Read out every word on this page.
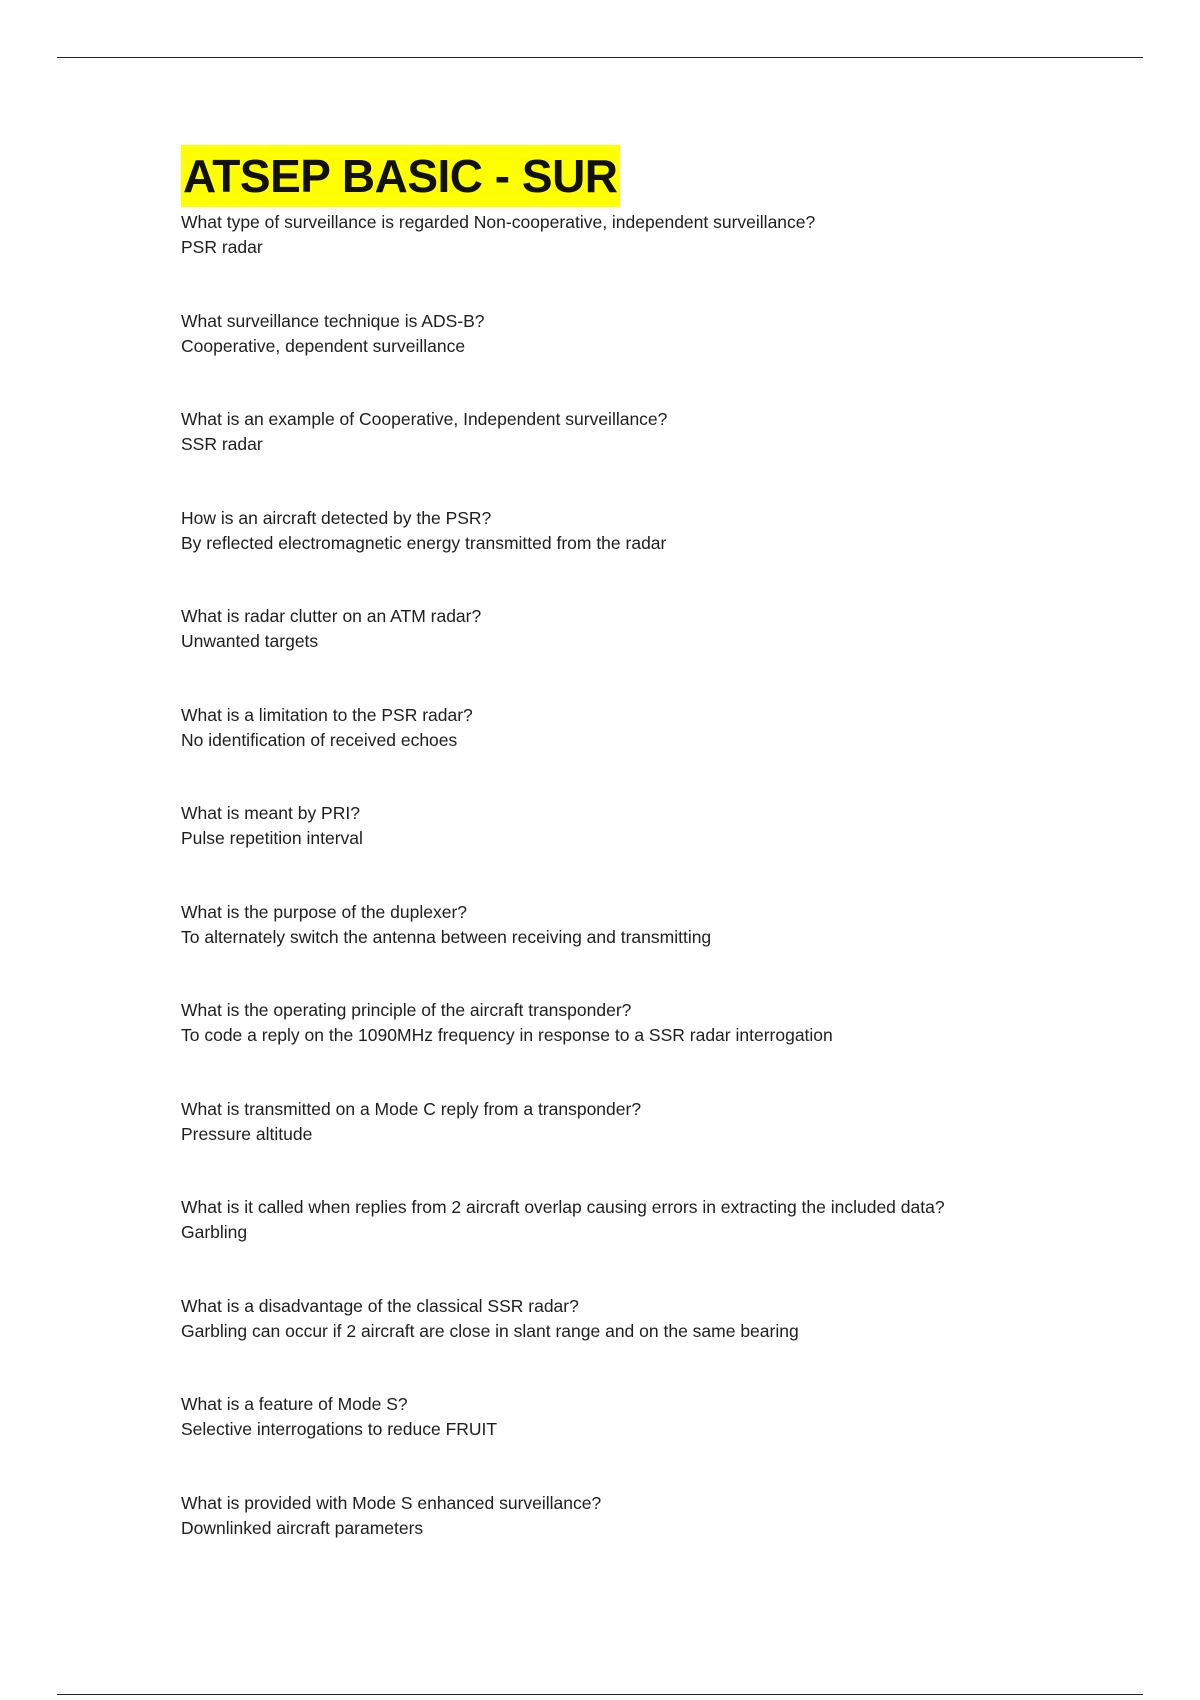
ATSEP BASIC - SUR
What type of surveillance is regarded Non-cooperative, independent surveillance?
PSR radar
What surveillance technique is ADS-B?
Cooperative, dependent surveillance
What is an example of Cooperative, Independent surveillance?
SSR radar
How is an aircraft detected by the PSR?
By reflected electromagnetic energy transmitted from the radar
What is radar clutter on an ATM radar?
Unwanted targets
What is a limitation to the PSR radar?
No identification of received echoes
What is meant by PRI?
Pulse repetition interval
What is the purpose of the duplexer?
To alternately switch the antenna between receiving and transmitting
What is the operating principle of the aircraft transponder?
To code a reply on the 1090MHz frequency in response to a SSR radar interrogation
What is transmitted on a Mode C reply from a transponder?
Pressure altitude
What is it called when replies from 2 aircraft overlap causing errors in extracting the included data?
Garbling
What is a disadvantage of the classical SSR radar?
Garbling can occur if 2 aircraft are close in slant range and on the same bearing
What is a feature of Mode S?
Selective interrogations to reduce FRUIT
What is provided with Mode S enhanced surveillance?
Downlinked aircraft parameters
